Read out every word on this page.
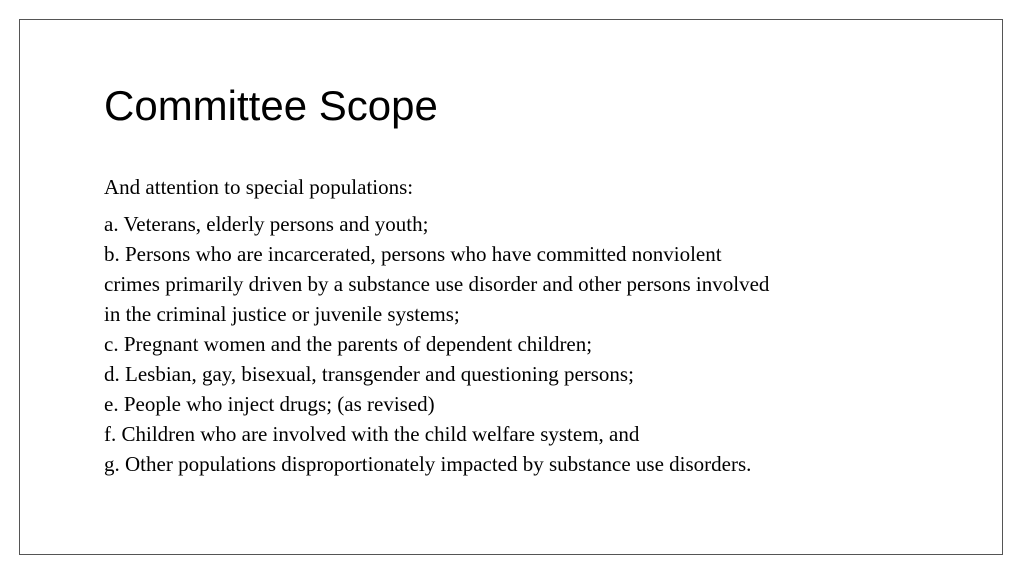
Committee Scope

And attention to special populations:

a. Veterans, elderly persons and youth;
b. Persons who are incarcerated, persons who have committed nonviolent
crimes primarily driven by a substance use disorder and other persons involved
in the criminal justice or juvenile systems;
c. Pregnant women and the parents of dependent children;
d. Lesbian, gay, bisexual, transgender and questioning persons;
e. People who inject drugs; (as revised)
f. Children who are involved with the child welfare system, and
g. Other populations disproportionately impacted by substance use disorders.
